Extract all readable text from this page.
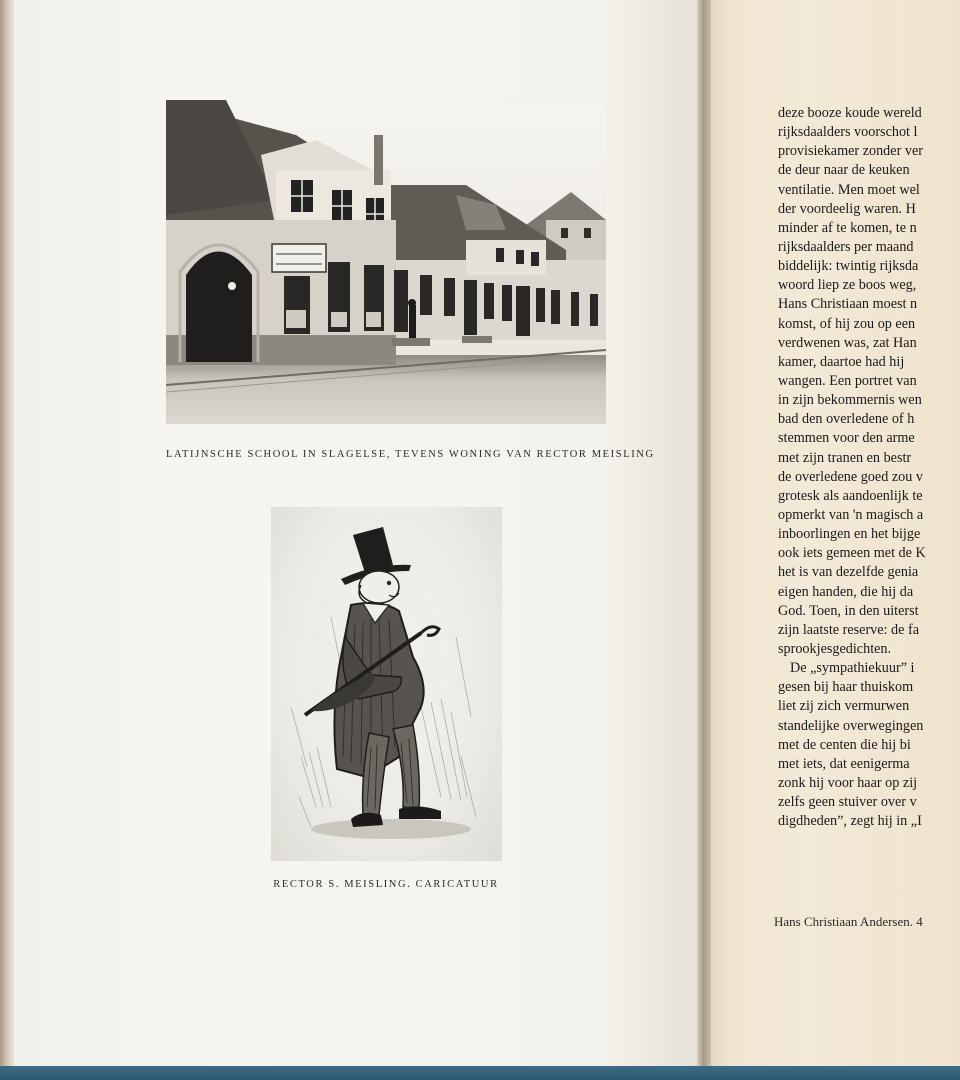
deze booze koude wereld
rijksdaalders voorschot l
provisiekamer zonder ver
de deur naar de keuken
ventilatie. Men moet wel
der voordeelig waren. H
minder af te komen, te n
rijksdaalders per maand
biddelijk: twintig rijksda
woord liep ze boos weg,
Hans Christiaan moest n
komst, of hij zou op een
verdwenen was, zat Han
kamer, daartoe had hij
wangen. Een portret van
in zijn bekommernis wen
bad den overledene of h
stemmen voor den arme
met zijn tranen en bestr
de overledene goed zou v
grotesk als aandoenlijk te
opmerkt van 'n magisch a
inboorlingen en het bijge
ook iets gemeen met de K
het is van dezelfde genia
eigen handen, die hij da
God. Toen, in den uiterst
zijn laatste reserve: de fa
sprookjesgedichten.
De „sympathiekuur” i
gesen bij haar thuiskom
liet zij zich vermurwen
standelijke overwegingen
met de centen die hij bi
met iets, dat eenigerma
zonk hij voor haar op zij
zelfs geen stuiver over v
digdheden”, zegt hij in „I
Hans Christiaan Andersen. 4
LATIJNSCHE SCHOOL IN SLAGELSE, TEVENS WONING VAN RECTOR MEISLING
RECTOR S. MEISLING. CARICATUUR
